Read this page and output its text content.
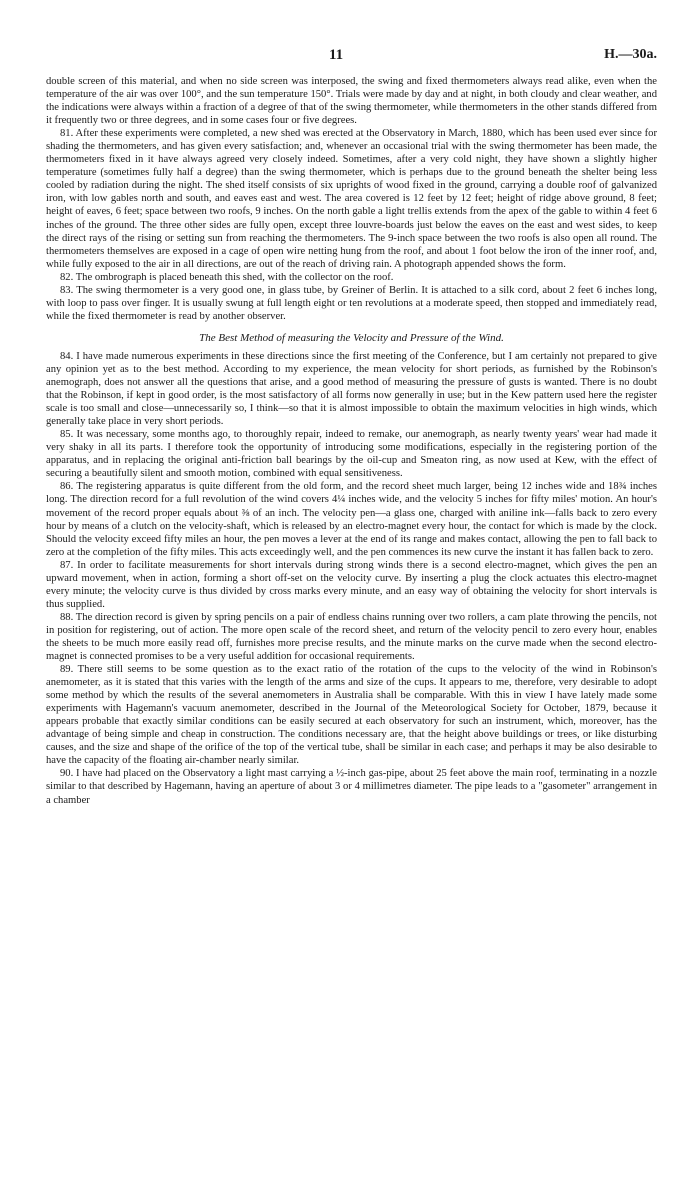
11	H.—30a.

double screen of this material, and when no side screen was interposed, the swing and fixed thermometers always read alike, even when the temperature of the air was over 100°, and the sun temperature 150°. Trials were made by day and at night, in both cloudy and clear weather, and the indications were always within a fraction of a degree of that of the swing thermometer, while thermometers in the other stands differed from it frequently two or three degrees, and in some cases four or five degrees.

81. After these experiments were completed, a new shed was erected at the Observatory in March, 1880, which has been used ever since for shading the thermometers, and has given every satisfaction; and, whenever an occasional trial with the swing thermometer has been made, the thermometers fixed in it have always agreed very closely indeed. Sometimes, after a very cold night, they have shown a slightly higher temperature (sometimes fully half a degree) than the swing thermometer, which is perhaps due to the ground beneath the shelter being less cooled by radiation during the night. The shed itself consists of six uprights of wood fixed in the ground, carrying a double roof of galvanized iron, with low gables north and south, and eaves east and west. The area covered is 12 feet by 12 feet; height of ridge above ground, 8 feet; height of eaves, 6 feet; space between two roofs, 9 inches. On the north gable a light trellis extends from the apex of the gable to within 4 feet 6 inches of the ground. The three other sides are fully open, except three louvre-boards just below the eaves on the east and west sides, to keep the direct rays of the rising or setting sun from reaching the thermometers. The 9-inch space between the two roofs is also open all round. The thermometers themselves are exposed in a cage of open wire netting hung from the roof, and about 1 foot below the iron of the inner roof, and, while fully exposed to the air in all directions, are out of the reach of driving rain. A photograph appended shows the form.

82. The ombrograph is placed beneath this shed, with the collector on the roof.

83. The swing thermometer is a very good one, in glass tube, by Greiner of Berlin. It is attached to a silk cord, about 2 feet 6 inches long, with loop to pass over finger. It is usually swung at full length eight or ten revolutions at a moderate speed, then stopped and immediately read, while the fixed thermometer is read by another observer.

The Best Method of measuring the Velocity and Pressure of the Wind.

84. I have made numerous experiments in these directions since the first meeting of the Conference, but I am certainly not prepared to give any opinion yet as to the best method. According to my experience, the mean velocity for short periods, as furnished by the Robinson's anemograph, does not answer all the questions that arise, and a good method of measuring the pressure of gusts is wanted. There is no doubt that the Robinson, if kept in good order, is the most satisfactory of all forms now generally in use; but in the Kew pattern used here the register scale is too small and close—unnecessarily so, I think—so that it is almost impossible to obtain the maximum velocities in high winds, which generally take place in very short periods.

85. It was necessary, some months ago, to thoroughly repair, indeed to remake, our anemograph, as nearly twenty years' wear had made it very shaky in all its parts. I therefore took the opportunity of introducing some modifications, especially in the registering portion of the apparatus, and in replacing the original anti-friction ball bearings by the oil-cup and Smeaton ring, as now used at Kew, with the effect of securing a beautifully silent and smooth motion, combined with equal sensitiveness.

86. The registering apparatus is quite different from the old form, and the record sheet much larger, being 12 inches wide and 18¾ inches long. The direction record for a full revolution of the wind covers 4¼ inches wide, and the velocity 5 inches for fifty miles' motion. An hour's movement of the record proper equals about ⅜ of an inch. The velocity pen—a glass one, charged with aniline ink—falls back to zero every hour by means of a clutch on the velocity-shaft, which is released by an electro-magnet every hour, the contact for which is made by the clock. Should the velocity exceed fifty miles an hour, the pen moves a lever at the end of its range and makes contact, allowing the pen to fall back to zero at the completion of the fifty miles. This acts exceedingly well, and the pen commences its new curve the instant it has fallen back to zero.

87. In order to facilitate measurements for short intervals during strong winds there is a second electro-magnet, which gives the pen an upward movement, when in action, forming a short off-set on the velocity curve. By inserting a plug the clock actuates this electro-magnet every minute; the velocity curve is thus divided by cross marks every minute, and an easy way of obtaining the velocity for short intervals is thus supplied.

88. The direction record is given by spring pencils on a pair of endless chains running over two rollers, a cam plate throwing the pencils, not in position for registering, out of action. The more open scale of the record sheet, and return of the velocity pencil to zero every hour, enables the sheets to be much more easily read off, furnishes more precise results, and the minute marks on the curve made when the second electro-magnet is connected promises to be a very useful addition for occasional requirements.

89. There still seems to be some question as to the exact ratio of the rotation of the cups to the velocity of the wind in Robinson's anemometer, as it is stated that this varies with the length of the arms and size of the cups. It appears to me, therefore, very desirable to adopt some method by which the results of the several anemometers in Australia shall be comparable. With this in view I have lately made some experiments with Hagemann's vacuum anemometer, described in the Journal of the Meteorological Society for October, 1879, because it appears probable that exactly similar conditions can be easily secured at each observatory for such an instrument, which, moreover, has the advantage of being simple and cheap in construction. The conditions necessary are, that the height above buildings or trees, or like disturbing causes, and the size and shape of the orifice of the top of the vertical tube, shall be similar in each case; and perhaps it may be also desirable to have the capacity of the floating air-chamber nearly similar.

90. I have had placed on the Observatory a light mast carrying a ½-inch gas-pipe, about 25 feet above the main roof, terminating in a nozzle similar to that described by Hagemann, having an aperture of about 3 or 4 millimetres diameter. The pipe leads to a "gasometer" arrangement in a chamber
